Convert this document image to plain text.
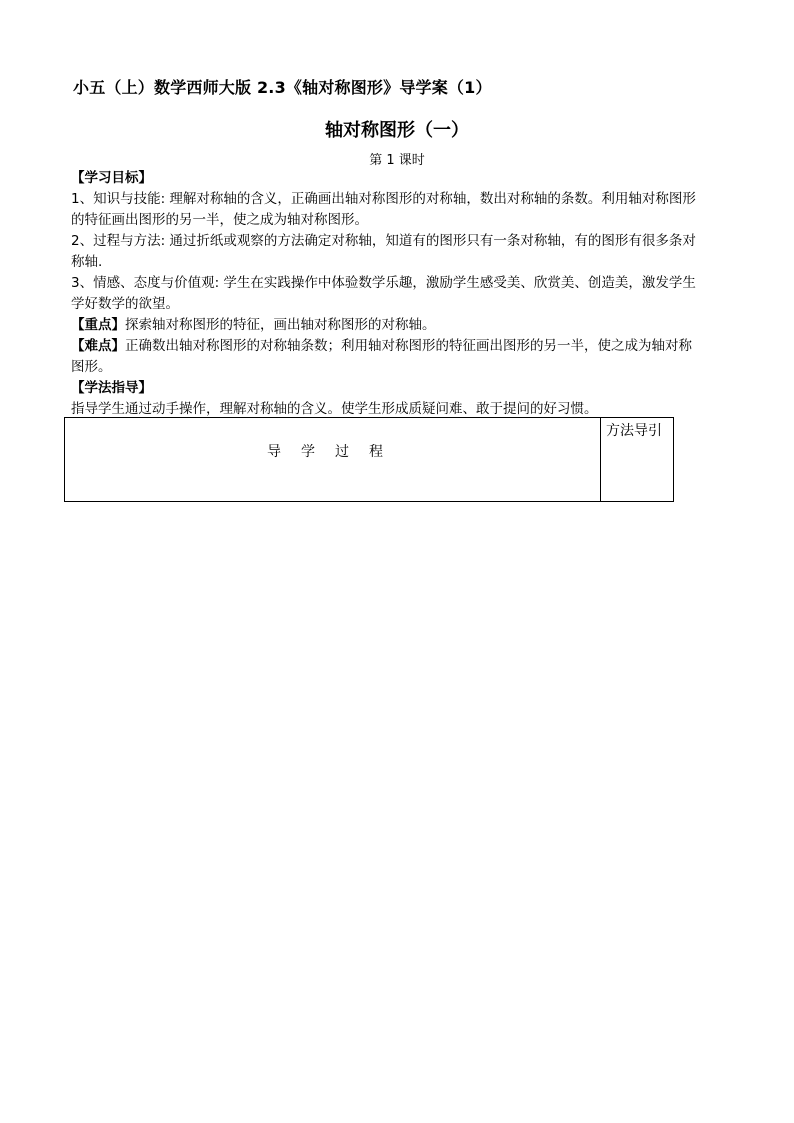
小五（上）数学西师大版 2.3《轴对称图形》导学案（1）
轴对称图形（一）
第 1 课时

【学习目标】

1、知识与技能: 理解对称轴的含义，正确画出轴对称图形的对称轴，数出对称轴的条数。利用轴对称图形

的特征画出图形的另一半，使之成为轴对称图形。

2、过程与方法: 通过折纸或观察的方法确定对称轴，知道有的图形只有一条对称轴，有的图形有很多条对

称轴.

3、情感、态度与价值观: 学生在实践操作中体验数学乐趣，激励学生感受美、欣赏美、创造美，激发学生

学好数学的欲望。

【重点】探索轴对称图形的特征，画出轴对称图形的对称轴。

【难点】正确数出轴对称图形的对称轴条数；利用轴对称图形的特征画出图形的另一半，使之成为轴对称

图形。

【学法指导】

指导学生通过动手操作，理解对称轴的含义。使学生形成质疑问难、敢于提问的好习惯。

导学过程
方法导引
